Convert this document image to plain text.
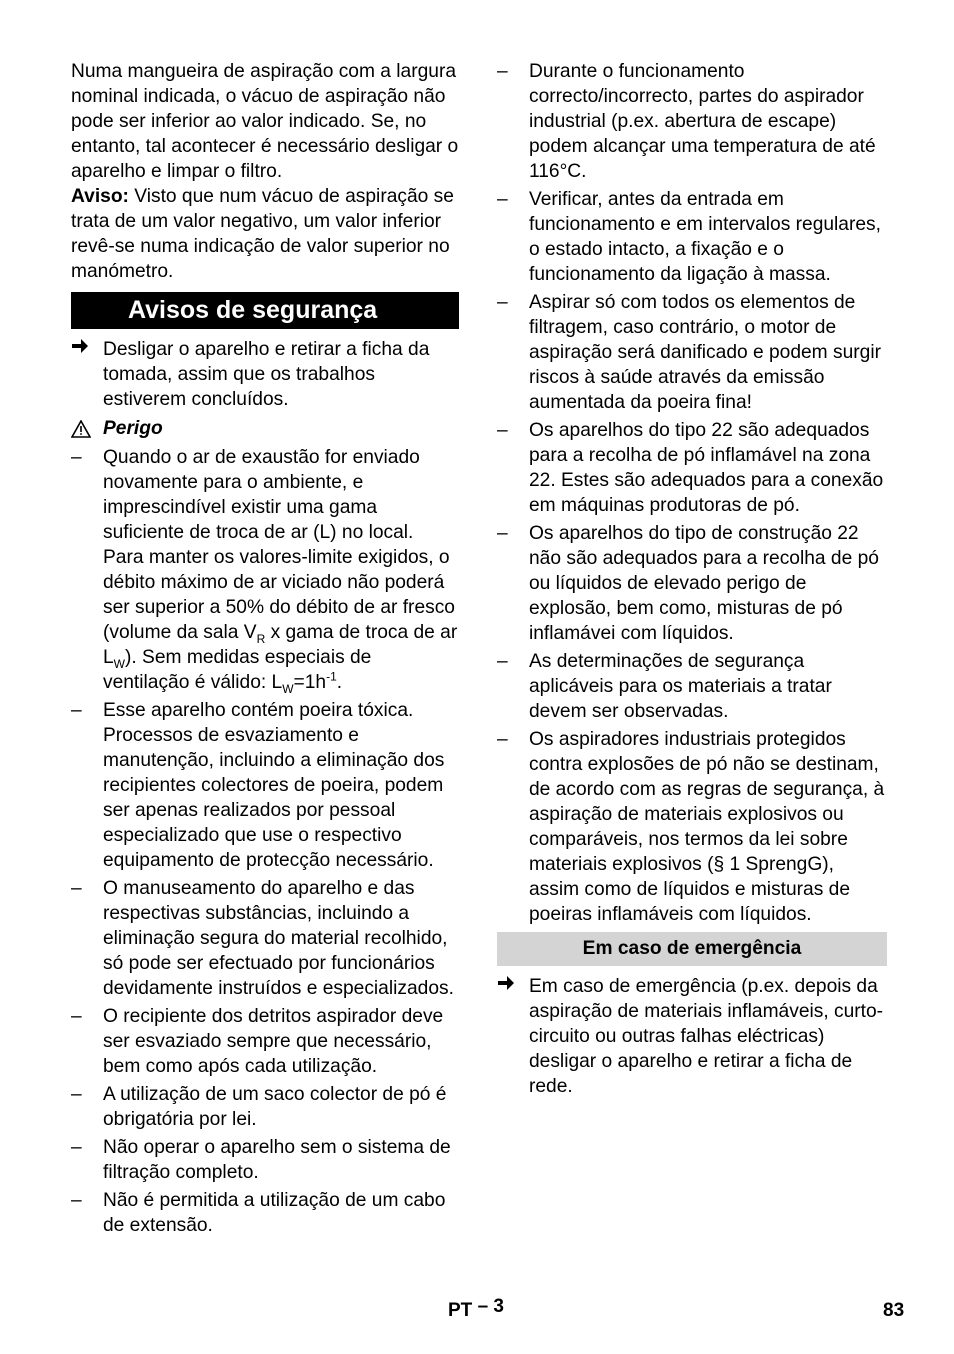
Numa mangueira de aspiração com a largura nominal indicada, o vácuo de aspiração não pode ser inferior ao valor indicado. Se, no entanto, tal acontecer é necessário desligar o aparelho e limpar o filtro.

Aviso: Visto que num vácuo de aspiração se trata de um valor negativo, um valor inferior revê-se numa indicação de valor superior no manómetro.

Avisos de segurança
Desligar o aparelho e retirar a ficha da tomada, assim que os trabalhos estiverem concluídos.
Perigo
– Quando o ar de exaustão for enviado novamente para o ambiente, e imprescindível existir uma gama suficiente de troca de ar (L) no local. Para manter os valores-limite exigidos, o débito máximo de ar viciado não poderá ser superior a 50% do débito de ar fresco (volume da sala $V_R$ x gama de troca de ar $L_W$). Sem medidas especiais de ventilação é válido: $L_W=1h^{-1}$.
– Esse aparelho contém poeira tóxica. Processos de esvaziamento e manutenção, incluindo a eliminação dos recipientes colectores de poeira, podem ser apenas realizados por pessoal especializado que use o respectivo equipamento de protecção necessário.
– O manuseamento do aparelho e das respectivas substâncias, incluindo a eliminação segura do material recolhido, só pode ser efectuado por funcionários devidamente instruídos e especializados.
– O recipiente dos detritos aspirador deve ser esvaziado sempre que necessário, bem como após cada utilização.
– A utilização de um saco colector de pó é obrigatória por lei.
– Não operar o aparelho sem o sistema de filtração completo.
– Não é permitida a utilização de um cabo de extensão.
– Durante o funcionamento correcto/incorrecto, partes do aspirador industrial (p.ex. abertura de escape) podem alcançar uma temperatura de até 116°C.
– Verificar, antes da entrada em funcionamento e em intervalos regulares, o estado intacto, a fixação e o funcionamento da ligação à massa.
– Aspirar só com todos os elementos de filtragem, caso contrário, o motor de aspiração será danificado e podem surgir riscos à saúde através da emissão aumentada da poeira fina!
– Os aparelhos do tipo 22 são adequados para a recolha de pó inflamável na zona 22. Estes são adequados para a conexão em máquinas produtoras de pó.
– Os aparelhos do tipo de construção 22 não são adequados para a recolha de pó ou líquidos de elevado perigo de explosão, bem como, misturas de pó inflamávei com líquidos.
– As determinações de segurança aplicáveis para os materiais a tratar devem ser observadas.
– Os aspiradores industriais protegidos contra explosões de pó não se destinam, de acordo com as regras de segurança, à aspiração de materiais explosivos ou comparáveis, nos termos da lei sobre materiais explosivos (§ 1 SprengG), assim como de líquidos e misturas de poeiras inflamáveis com líquidos.
Em caso de emergência
Em caso de emergência (p.ex. depois da aspiração de materiais inflamáveis, curto-circuito ou outras falhas eléctricas) desligar o aparelho e retirar a ficha de rede.
PT – 3	83
